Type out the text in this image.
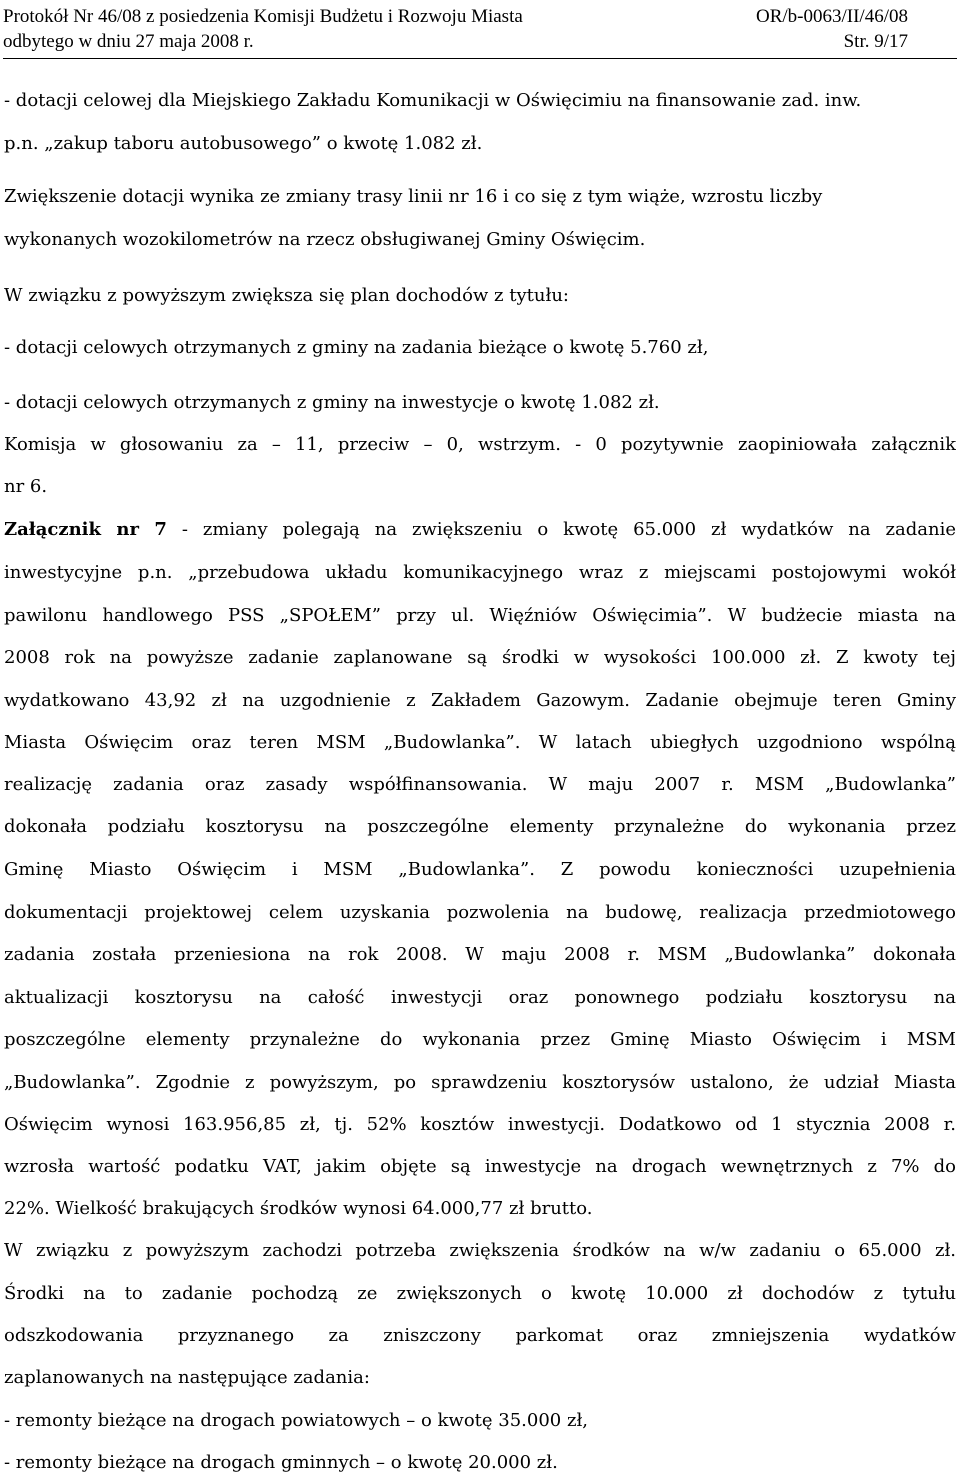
Protokół Nr 46/08 z posiedzenia Komisji Budżetu i Rozwoju Miasta	OR/b-0063/II/46/08
odbytego w dniu 27 maja 2008 r.	Str. 9/17
- dotacji celowej dla Miejskiego Zakładu Komunikacji w Oświęcimiu na finansowanie zad. inw.
p.n. „zakup taboru autobusowego” o kwotę 1.082 zł.
Zwiększenie dotacji wynika ze zmiany trasy linii nr 16 i co się z tym wiąże, wzrostu liczby
wykonanych wozokilometrów na rzecz obsługiwanej Gminy Oświęcim.
W związku z powyższym zwiększa się plan dochodów z tytułu:
- dotacji celowych otrzymanych z gminy na zadania bieżące o kwotę 5.760 zł,
- dotacji celowych otrzymanych z gminy na inwestycje o kwotę 1.082 zł.
Komisja w głosowaniu za – 11, przeciw – 0, wstrzym. - 0 pozytywnie zaopiniowała załącznik
nr 6.
Załącznik nr 7 - zmiany polegają na zwiększeniu o kwotę 65.000 zł wydatków na zadanie
inwestycyjne p.n. „przebudowa układu komunikacyjnego wraz z miejscami postojowymi wokół
pawilonu handlowego PSS „SPOŁEM” przy ul. Więźniów Oświęcimia”. W budżecie miasta na
2008 rok na powyższe zadanie zaplanowane są środki w wysokości 100.000 zł. Z kwoty tej
wydatkowano 43,92 zł na uzgodnienie z Zakładem Gazowym. Zadanie obejmuje teren Gminy
Miasta Oświęcim oraz teren MSM „Budowlanka”. W latach ubiegłych uzgodniono wspólną
realizację zadania oraz zasady współfinansowania. W maju 2007 r. MSM „Budowlanka”
dokonała podziału kosztorysu na poszczególne elementy przynależne do wykonania przez
Gminę Miasto Oświęcim i MSM „Budowlanka”. Z powodu konieczności uzupełnienia
dokumentacji projektowej celem uzyskania pozwolenia na budowę, realizacja przedmiotowego
zadania została przeniesiona na rok 2008. W maju 2008 r. MSM „Budowlanka” dokonała
aktualizacji kosztorysu na całość inwestycji oraz ponownego podziału kosztorysu na
poszczególne elementy przynależne do wykonania przez Gminę Miasto Oświęcim i MSM
„Budowlanka”. Zgodnie z powyższym, po sprawdzeniu kosztorysów ustalono, że udział Miasta
Oświęcim wynosi 163.956,85 zł, tj. 52% kosztów inwestycji. Dodatkowo od 1 stycznia 2008 r.
wzrosła wartość podatku VAT, jakim objęte są inwestycje na drogach wewnętrznych z 7% do
22%. Wielkość brakujących środków wynosi 64.000,77 zł brutto.
W związku z powyższym zachodzi potrzeba zwiększenia środków na w/w zadaniu o 65.000 zł.
Środki na to zadanie pochodzą ze zwiększonych o kwotę 10.000 zł dochodów z tytułu
odszkodowania przyznanego za zniszczony parkomat oraz zmniejszenia wydatków
zaplanowanych na następujące zadania:
- remonty bieżące na drogach powiatowych – o kwotę 35.000 zł,
- remonty bieżące na drogach gminnych – o kwotę 20.000 zł.
